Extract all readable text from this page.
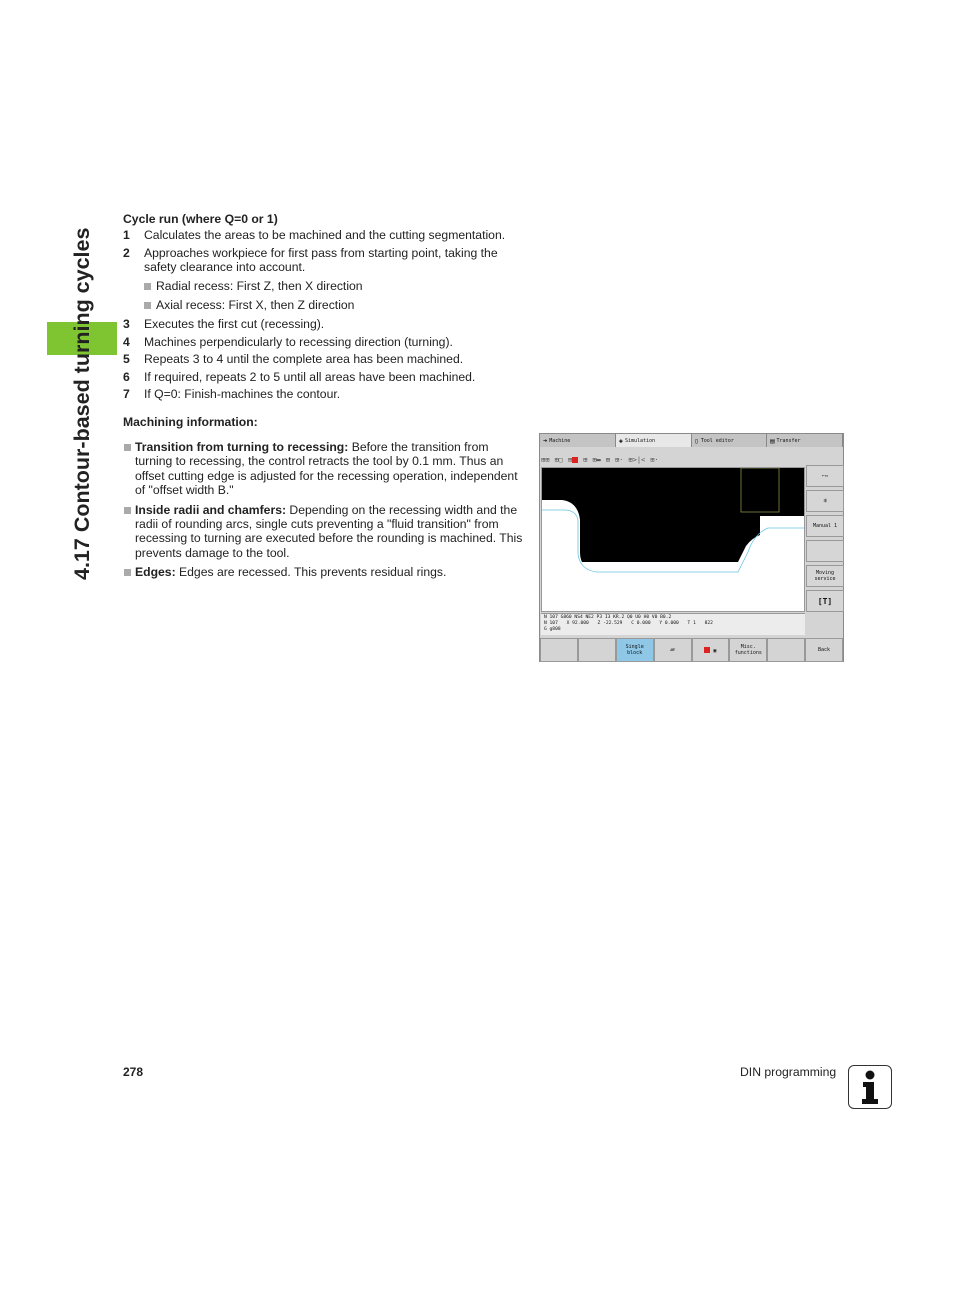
4.17 Contour-based turning cycles
Cycle run (where Q=0 or 1)
1 Calculates the areas to be machined and the cutting segmentation.
2 Approaches workpiece for first pass from starting point, taking the safety clearance into account.
Radial recess: First Z, then X direction
Axial recess: First X, then Z direction
3 Executes the first cut (recessing).
4 Machines perpendicularly to recessing direction (turning).
5 Repeats 3 to 4 until the complete area has been machined.
6 If required, repeats 2 to 5 until all areas have been machined.
7 If Q=0: Finish-machines the contour.
Machining information:
Transition from turning to recessing: Before the transition from turning to recessing, the control retracts the tool by 0.1 mm. Thus an offset cutting edge is adjusted for the recessing operation, independent of "offset width B."
Inside radii and chamfers: Depending on the recessing width and the radii of rounding arcs, single cuts preventing a "fluid transition" from recessing to turning are executed before the rounding is machined. This prevents damage to the tool.
Edges: Edges are recessed. This prevents residual rings.
➜ Machine	◈ Simulation	▯ Tool editor	▤ Transfer
⊞⊞ ⊞▢ ⊞	⊞ ⊞▬ ⊞ ⊞· ⊞>|< ⊞·
⌐▭
⇶
Manual 1
Moving service
[T]
N 107 G860 NS4 NE2 P3 I3 KR.2 Q0 U0 H0 V0 B0.2
N 107 X 92.000 Z -22.529 C 0.000 Y 0.000 T 1 822
G g808
Single
block	▰	▣
Misc.
functions	Back
278	DIN programming
